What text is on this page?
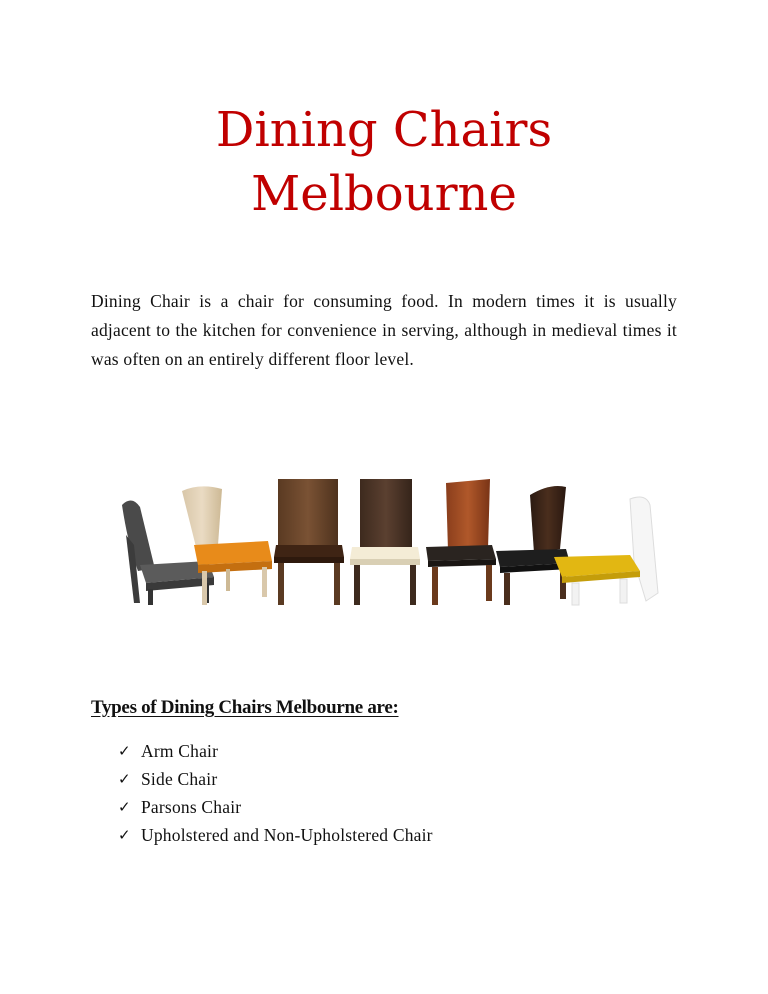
Dining Chairs
Melbourne

Dining Chair is a chair for consuming food. In modern times it is usually adjacent to the kitchen for convenience in serving, although in medieval times it was often on an entirely different floor level.

Types of Dining Chairs Melbourne are:
✓ Arm Chair
✓ Side Chair
✓ Parsons Chair
✓ Upholstered and Non-Upholstered Chair
